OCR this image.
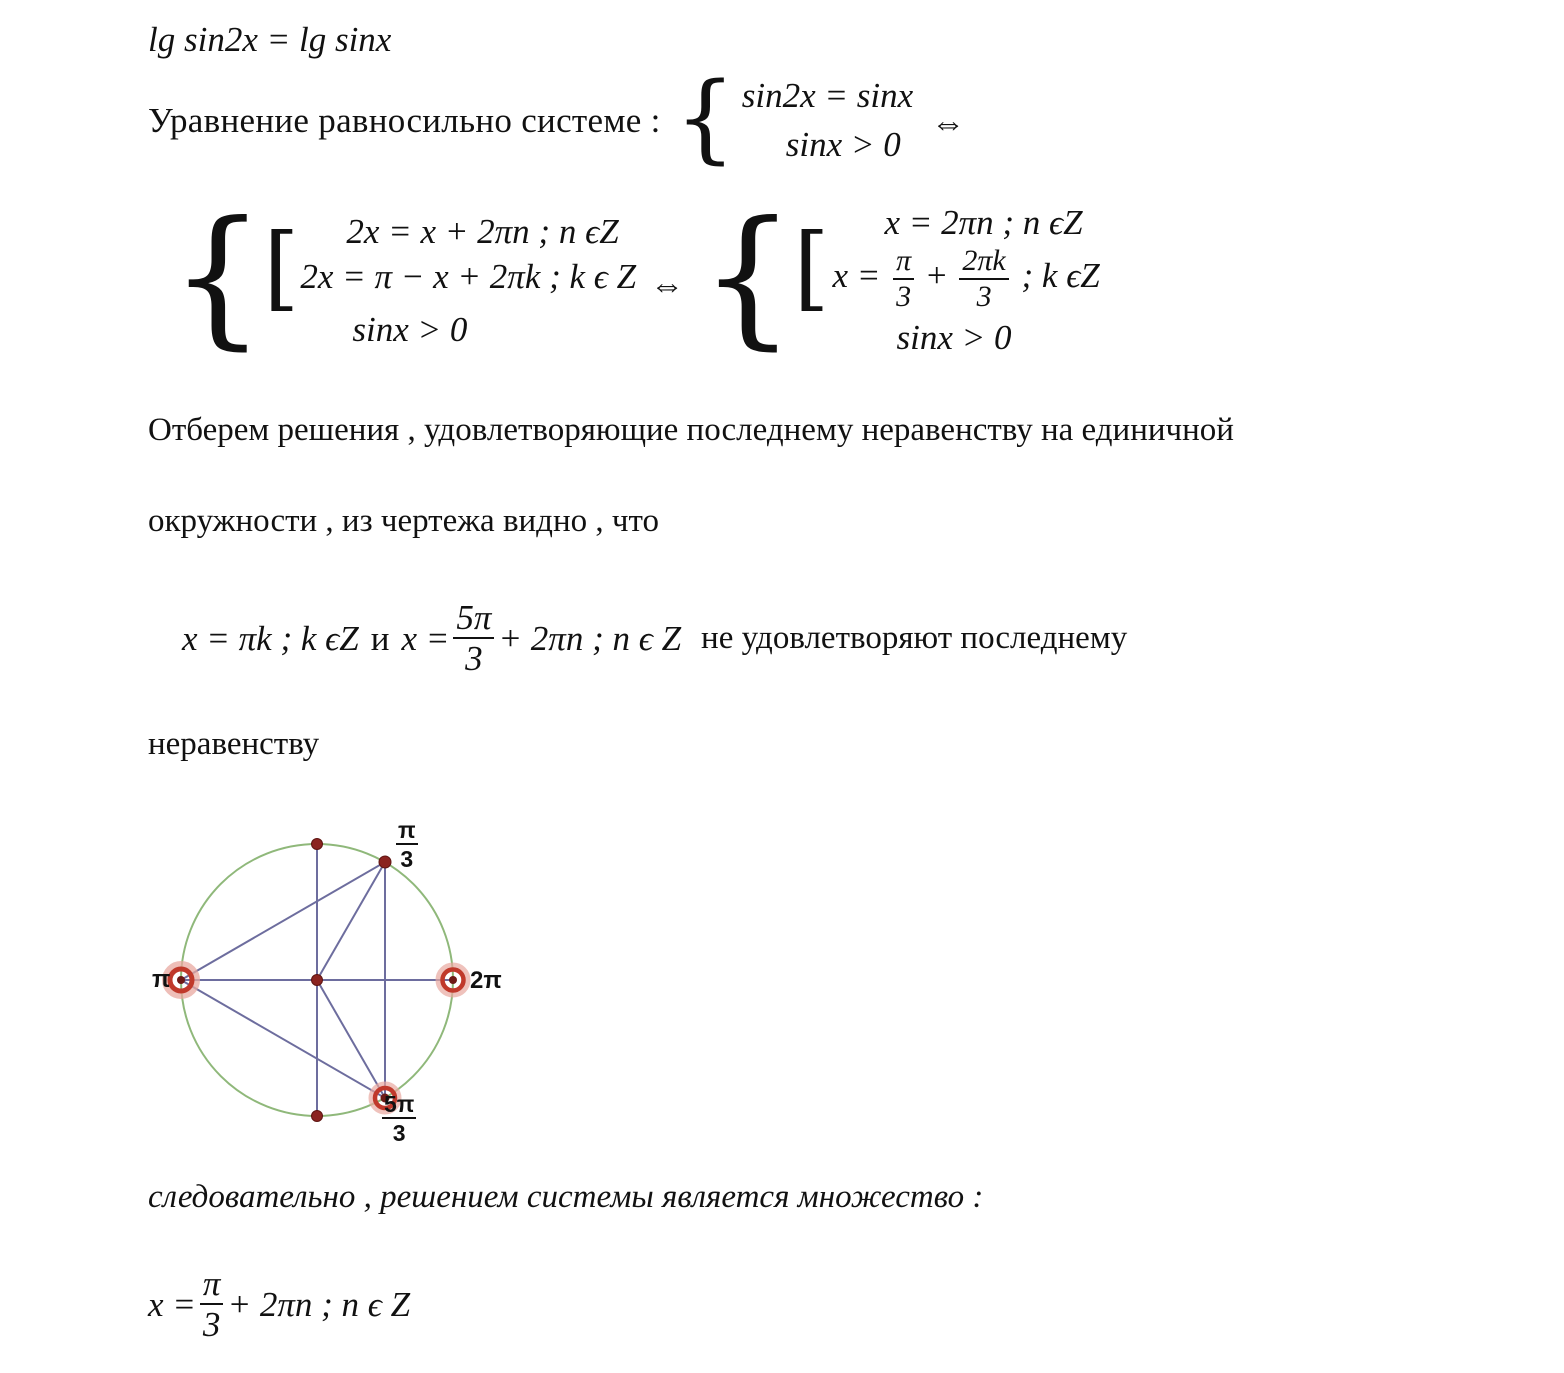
lg sin2x = lg sinx
Уравнение равносильно системе : { sin2x = sinx
sinx > 0
⇔
{
[	2x = x + 2πn ; n ϵZ
2x = π − x + 2πk ; k ϵ Z
sinx > 0
⇔ {
[	x = 2πn ; n ϵZ
$x = \frac{\pi}{3} + \frac{2\pi k}{3}$ ; k ϵZ
sinx > 0
Отберем решения , удовлетворяющие последнему неравенству на единичной
окружности , из чертежа видно , что
x = πk ; k ϵZ и $x = \frac{5\pi}{3} + 2\pi n$ ; n ϵ Z не удовлетворяют последнему
неравенству
$\frac{\pi}{3}$
π	2π
$\frac{5\pi}{3}$
следовательно , решением системы является множество :
$x = \frac{\pi}{3} + 2\pi n$ ; n ϵ Z
